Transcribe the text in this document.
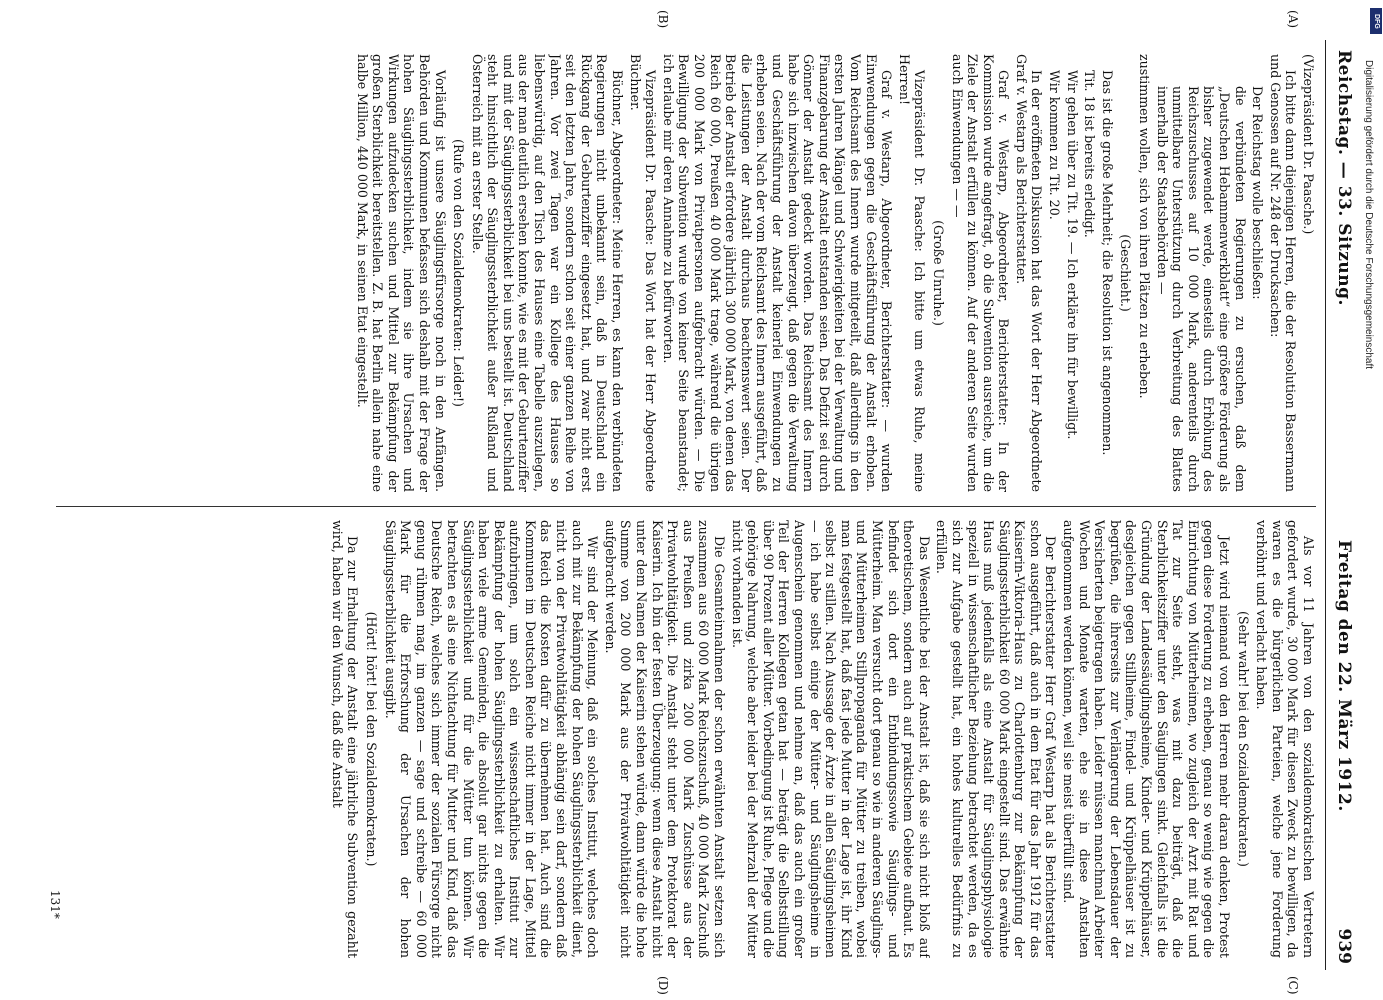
Reichstag. — 33. Sitzung.
Freitag den 22. März 1912.
939
(A)
(B)
(C)
(D)

(Vizepräsident Dr. Paasche.)

Ich bitte dann diejenigen Herren, die der Resolution Bassermann und Genossen auf Nr. 248 der Drucksachen:

Der Reichstag wolle beschließen:

die verbündeten Regierungen zu ersuchen, daß dem „Deutschen Hebammenwerkblatt“ eine größere Förderung als bisher zugewendet werde, einesteils durch Erhöhung des Reichszuschusses auf 10 000 Mark, anderenteils durch unmittelbare Unterstützung durch Verbreitung des Blattes innerhalb der Staatsbehörden —

zustimmen wollen, sich von ihren Plätzen zu erheben.

(Geschieht.)

Das ist die große Mehrheit; die Resolution ist angenommen.

Tit. 18 ist bereits erledigt.

Wir gehen über zu Tit. 19. — Ich erkläre ihn für bewilligt.

Wir kommen zu Tit. 20.

In der eröffneten Diskussion hat das Wort der Herr Abgeordnete Graf v. Westarp als Berichterstatter.

Graf v. Westarp, Abgeordneter, Berichterstatter: In der Kommission wurde angefragt, ob die Subvention ausreiche, um die Ziele der Anstalt erfüllen zu können. Auf der anderen Seite wurden auch Einwendungen — —

(Große Unruhe.)

Vizepräsident Dr. Paasche: Ich bitte um etwas Ruhe, meine Herren!

Graf v. Westarp, Abgeordneter, Berichterstatter: — wurden Einwendungen gegen die Geschäftsführung der Anstalt erhoben. Vom Reichsamt des Innern wurde mitgeteilt, daß allerdings in den ersten Jahren Mängel und Schwierigkeiten bei der Verwaltung und Finanzgebarung der Anstalt entstanden seien. Das Defizit sei durch Gönner der Anstalt gedeckt worden. Das Reichsamt des Innern habe sich inzwischen davon überzeugt, daß gegen die Verwaltung und Geschäftsführung der Anstalt keinerlei Einwendungen zu erheben seien. Nach der vom Reichsamt des Innern ausgeführt, daß die Leistungen der Anstalt durchaus beachtenswert seien. Der Betrieb der Anstalt erfordere jährlich 300 000 Mark, von denen das Reich 60 000, Preußen 40 000 Mark trage, während die übrigen 200 000 Mark von Privatpersonen aufgebracht würden. — Die Bewilligung der Subvention wurde von keiner Seite beanstandet; ich erlaube mir deren Annahme zu befürworten.

Vizepräsident Dr. Paasche: Das Wort hat der Herr Abgeordnete Büchner.

Büchner, Abgeordneter: Meine Herren, es kann den verbündeten Regierungen nicht unbekannt sein, daß in Deutschland ein Rückgang der Geburtenziffer eingesetzt hat, und zwar nicht erst seit den letzten Jahre, sondern schon seit einer ganzen Reihe von Jahren. Vor zwei Tagen war ein Kollege des Hauses so liebenswürdig, auf den Tisch des Hauses eine Tabelle auszulegen, aus der man deutlich ersehen konnte, wie es mit der Geburtenziffer und mit der Säuglingssterblichkeit bei uns bestellt ist. Deutschland steht hinsichtlich der Säuglingssterblichkeit außer Rußland und Österreich mit an erster Stelle.

(Rufe von den Sozialdemokraten: Leider!)

Vorläufig ist unsere Säuglingsfürsorge noch in den Anfängen. Behörden und Kommunen befassen sich deshalb mit der Frage der hohen Säuglingssterblichkeit, indem sie ihre Ursachen und Wirkungen aufzudecken suchen und Mittel zur Bekämpfung der großen Sterblichkeit bereitstellen. Z. B. hat Berlin allein nahe eine halbe Million, 440 000 Mark, in seinen Etat eingestellt.

Als vor 11 Jahren von den sozialdemokratischen Vertretern gefordert wurde, 30 000 Mark für diesen Zweck zu bewilligen, da waren es die bürgerlichen Parteien, welche jene Forderung verhöhnt und verlacht haben.

(Sehr wahr! bei den Sozialdemokraten.)

Jetzt wird niemand von den Herren mehr daran denken, Protest gegen diese Forderung zu erheben, genau so wenig wie gegen die Einrichtung von Mütterheimen, wo zugleich der Arzt mit Rat und Tat zur Seite steht, was mit dazu beiträgt, daß die Sterblichkeitsziffer unter den Säuglingen sinkt. Gleichfalls ist die Gründung der Landessäuglingsheime, Kinder- und Krüppelhäuser, desgleichen gegen Stillheime, Findel- und Krüppelhäuser ist zu begrüßen, die ihrerseits zur Verlängerung der Lebensdauer der Versicherten beigetragen haben. Leider müssen manchmal Arbeiter Wochen und Monate warten, ehe sie in diese Anstalten aufgenommen werden können, weil sie meist überfüllt sind.

Der Berichterstatter Herr Graf Westarp hat als Berichterstatter schon ausgeführt, daß auch in dem Etat für das Jahr 1912 für das Kaiserin-Viktoria-Haus zu Charlottenburg zur Bekämpfung der Säuglingssterblichkeit 60 000 Mark eingestellt sind. Das erwähnte Haus muß jedenfalls als eine Anstalt für Säuglingsphysiologie speziell in wissenschaftlicher Beziehung betrachtet werden, da es sich zur Aufgabe gestellt hat, ein hohes kulturelles Bedürfnis zu erfüllen.

Das Wesentliche bei der Anstalt ist, daß sie sich nicht bloß auf theoretischem, sondern auch auf praktischem Gebiete aufbaut. Es befindet sich dort ein Entbindungssowie Säuglings- und Mütterheim. Man versucht dort genau so wie in anderen Säuglings- und Mütterheimen Stillpropaganda für Mütter zu treiben, wobei man festgestellt hat, daß fast jede Mutter in der Lage ist, ihr Kind selbst zu stillen. Nach Aussage der Ärzte in allen Säuglingsheimen — ich habe selbst einige der Mütter- und Säuglingsheime in Augenschein genommen und nehme an, daß das auch ein großer Teil der Herren Kollegen getan hat — beträgt die Selbststillung über 90 Prozent aller Mütter. Vorbedingung ist Ruhe, Pflege und die gehörige Nahrung, welche aber leider bei der Mehrzahl der Mütter nicht vorhanden ist.

Die Gesamteinnahmen der schon erwähnten Anstalt setzen sich zusammen aus 60 000 Mark Reichszuschuß, 40 000 Mark Zuschuß aus Preußen und zirka 200 000 Mark Zuschüsse aus der Privatwohltätigkeit. Die Anstalt steht unter dem Protektorat der Kaiserin. Ich bin der festen Überzeugung: wenn diese Anstalt nicht unter dem Namen der Kaiserin stehen würde, dann würde die hohe Summe von 200 000 Mark aus der Privatwohltätigkeit nicht aufgebracht werden.

Wir sind der Meinung, daß ein solches Institut, welches doch auch mit zur Bekämpfung der hohen Säuglingssterblichkeit dient, nicht von der Privatwohltätigkeit abhängig sein darf, sondern daß das Reich die Kosten dafür zu übernehmen hat. Auch sind die Kommunen im Deutschen Reiche nicht immer in der Lage, Mittel aufzubringen, um solch ein wissenschaftliches Institut zur Bekämpfung der hohen Säuglingssterblichkeit zu erhalten. Wir haben viele arme Gemeinden, die absolut gar nichts gegen die Säuglingssterblichkeit und für die Mütter tun können. Wir betrachten es als eine Nichtachtung für Mutter und Kind, daß das Deutsche Reich, welches sich immer der sozialen Fürsorge nicht genug rühmen mag, im ganzen — sage und schreibe — 60 000 Mark für die Erforschung der Ursachen der hohen Säuglingssterblichkeit ausgibt.

(Hört! hört! bei den Sozialdemokraten.)

Da zur Erhaltung der Anstalt eine jährliche Subvention gezahlt wird, haben wir den Wunsch, daß die Anstalt

131*
DFG
Digitalisierung gefördert durch die Deutsche Forschungsgemeinschaft
